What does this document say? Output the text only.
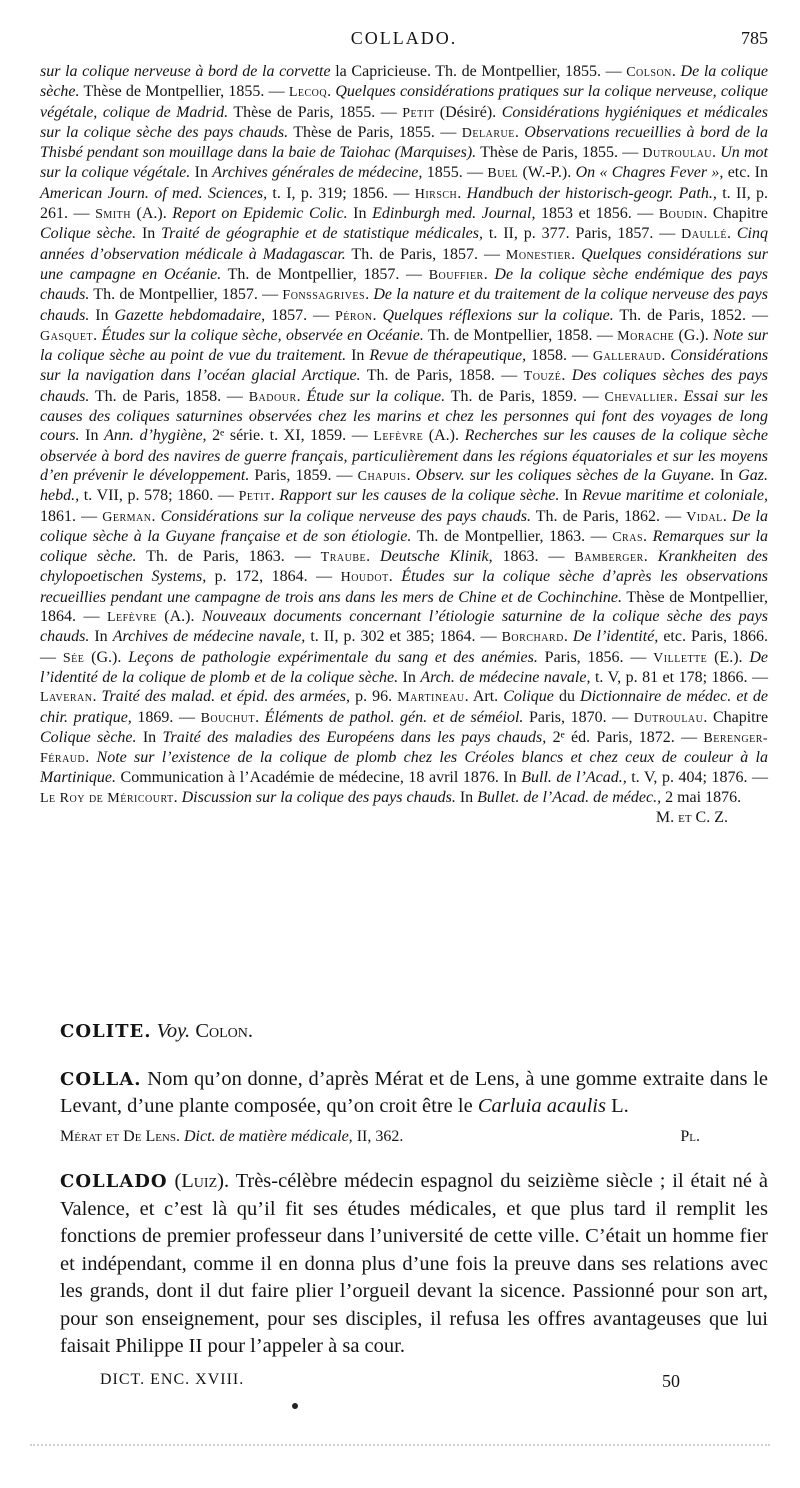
COLLADO.	785
sur la colique nerveuse à bord de la corvette la Capricieuse. Th. de Montpellier, 1855. — Colson. De la colique sèche. Thèse de Montpellier, 1855. — Lecoq. Quelques considérations pratiques sur la colique nerveuse, colique végétale, colique de Madrid. Thèse de Paris, 1855. — Petit (Désiré). Considérations hygiéniques et médicales sur la colique sèche des pays chauds. Thèse de Paris, 1855. — Delarue. Observations recueillies à bord de la Thisbé pendant son mouillage dans la baie de Taiohac (Marquises). Thèse de Paris, 1855. — Dutroulau. Un mot sur la colique végétale. In Archives générales de médecine, 1855. — Buel (W.-P.). On « Chagres Fever », etc. In American Journ. of med. Sciences, t. I, p. 319; 1856. — Hirsch. Handbuch der historisch-geogr. Path., t. II, p. 261. — Smith (A.). Report on Epidemic Colic. In Edinburgh med. Journal, 1853 et 1856. — Boudin. Chapitre Colique sèche. In Traité de géographie et de statistique médicales, t. II, p. 377. Paris, 1857. — Daullé. Cinq années d’observation médicale à Madagascar. Th. de Paris, 1857. — Monestier. Quelques considérations sur une campagne en Océanie. Th. de Montpellier, 1857. — Bouffier. De la colique sèche endémique des pays chauds. Th. de Montpellier, 1857. — Fonssagrives. De la nature et du traitement de la colique nerveuse des pays chauds. In Gazette hebdomadaire, 1857. — Péron. Quelques réflexions sur la colique. Th. de Paris, 1852. — Gasquet. Études sur la colique sèche, observée en Océanie. Th. de Montpellier, 1858. — Morache (G.). Note sur la colique sèche au point de vue du traitement. In Revue de thérapeutique, 1858. — Galleraud. Considérations sur la navigation dans l’océan glacial Arctique. Th. de Paris, 1858. — Touzé. Des coliques sèches des pays chauds. Th. de Paris, 1858. — Badour. Étude sur la colique. Th. de Paris, 1859. — Chevallier. Essai sur les causes des coliques saturnines observées chez les marins et chez les personnes qui font des voyages de long cours. In Ann. d’hygiène, 2ᵉ série. t. XI, 1859. — Lefèvre (A.). Recherches sur les causes de la colique sèche observée à bord des navires de guerre français, particulièrement dans les régions équatoriales et sur les moyens d’en prévenir le développement. Paris, 1859. — Chapuis. Observ. sur les coliques sèches de la Guyane. In Gaz. hebd., t. VII, p. 578; 1860. — Petit. Rapport sur les causes de la colique sèche. In Revue maritime et coloniale, 1861. — German. Considérations sur la colique nerveuse des pays chauds. Th. de Paris, 1862. — Vidal. De la colique sèche à la Guyane française et de son étiologie. Th. de Montpellier, 1863. — Cras. Remarques sur la colique sèche. Th. de Paris, 1863. — Traube. Deutsche Klinik, 1863. — Bamberger. Krankheiten des chylopoetischen Systems, p. 172, 1864. — Houdot. Études sur la colique sèche d’après les observations recueillies pendant une campagne de trois ans dans les mers de Chine et de Cochinchine. Thèse de Montpellier, 1864. — Lefèvre (A.). Nouveaux documents concernant l’étiologie saturnine de la colique sèche des pays chauds. In Archives de médecine navale, t. II, p. 302 et 385; 1864. — Borchard. De l’identité, etc. Paris, 1866. — Sée (G.). Leçons de pathologie expérimentale du sang et des anémies. Paris, 1856. — Villette (E.). De l’identité de la colique de plomb et de la colique sèche. In Arch. de médecine navale, t. V, p. 81 et 178; 1866. — Laveran. Traité des malad. et épid. des armées, p. 96. Martineau. Art. Colique du Dictionnaire de médec. et de chir. pratique, 1869. — Bouchut. Éléments de pathol. gén. et de séméiol. Paris, 1870. — Dutroulau. Chapitre Colique sèche. In Traité des maladies des Européens dans les pays chauds, 2ᵉ éd. Paris, 1872. — Berenger-Féraud. Note sur l’existence de la colique de plomb chez les Créoles blancs et chez ceux de couleur à la Martinique. Communication à l’Académie de médecine, 18 avril 1876. In Bull. de l’Acad., t. V, p. 404; 1876. — Le Roy de Méricourt. Discussion sur la colique des pays chauds. In Bullet. de l’Acad. de médec., 2 mai 1876.
M. et C. Z.
COLITE. Voy. Colon.
COLLA. Nom qu’on donne, d’après Mérat et de Lens, à une gomme extraite dans le Levant, d’une plante composée, qu’on croit être le Carluia acaulis L.
Mérat et De Lens. Dict. de matière médicale, II, 362.	Pl.
COLLADO (Luiz). Très-célèbre médecin espagnol du seizième siècle ; il était né à Valence, et c’est là qu’il fit ses études médicales, et que plus tard il remplit les fonctions de premier professeur dans l’université de cette ville. C’était un homme fier et indépendant, comme il en donna plus d’une fois la preuve dans ses relations avec les grands, dont il dut faire plier l’orgueil devant la sicence. Passionné pour son art, pour son enseignement, pour ses disciples, il refusa les offres avantageuses que lui faisait Philippe II pour l’appeler à sa cour.
DICT. ENC. XVIII.	50
